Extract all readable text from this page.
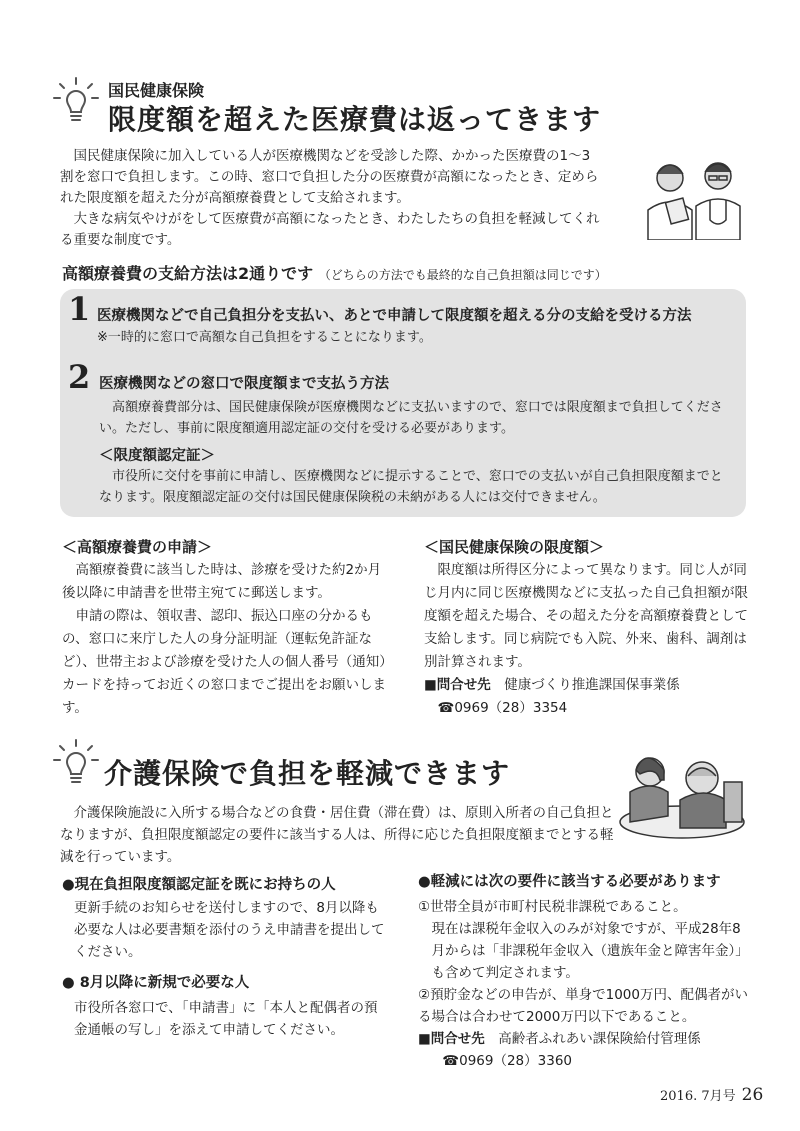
国民健康保険
限度額を超えた医療費は返ってきます

国民健康保険に加入している人が医療機関などを受診した際、かかった医療費の1～3割を窓口で負担します。この時、窓口で負担した分の医療費が高額になったとき、定められた限度額を超えた分が高額療養費として支給されます。

大きな病気やけがをして医療費が高額になったとき、わたしたちの負担を軽減してくれる重要な制度です。

高額療養費の支給方法は2通りです （どちらの方法でも最終的な自己負担額は同じです）
1 医療機関などで自己負担分を支払い、あとで申請して限度額を超える分の支給を受ける方法
※一時的に窓口で高額な自己負担をすることになります。
2 医療機関などの窓口で限度額まで支払う方法
高額療養費部分は、国民健康保険が医療機関などに支払いますので、窓口では限度額まで負担してください。ただし、事前に限度額適用認定証の交付を受ける必要があります。
＜限度額認定証＞
市役所に交付を事前に申請し、医療機関などに提示することで、窓口での支払いが自己負担限度額までとなります。限度額認定証の交付は国民健康保険税の未納がある人には交付できません。
＜高額療養費の申請＞

高額療養費に該当した時は、診療を受けた約2か月後以降に申請書を世帯主宛てに郵送します。

申請の際は、領収書、認印、振込口座の分かるもの、窓口に来庁した人の身分証明証（運転免許証など）、世帯主および診療を受けた人の個人番号（通知）カードを持ってお近くの窓口までご提出をお願いします。

＜国民健康保険の限度額＞

限度額は所得区分によって異なります。同じ人が同じ月内に同じ医療機関などに支払った自己負担額が限度額を超えた場合、その超えた分を高額療養費として支給します。同じ病院でも入院、外来、歯科、調剤は別計算されます。

■問合せ先　 健康づくり推進課国保事業係

☎0969（28）3354

介護保険で負担を軽減できます

介護保険施設に入所する場合などの食費・居住費（滞在費）は、原則入所者の自己負担となりますが、負担限度額認定の要件に該当する人は、所得に応じた負担限度額までとする軽減を行っています。

●現在負担限度額認定証を既にお持ちの人

更新手続のお知らせを送付しますので、8月以降も必要な人は必要書類を添付のうえ申請書を提出してください。

● 8月以降に新規で必要な人

市役所各窓口で、「申請書」に「本人と配偶者の預金通帳の写し」を添えて申請してください。

●軽減には次の要件に該当する必要があります

①世帯全員が市町村民税非課税であること。

現在は課税年金収入のみが対象ですが、平成28年8月からは「非課税年金収入（遺族年金と障害年金）」も含めて判定されます。

②預貯金などの申告が、単身で1000万円、配偶者がいる場合は合わせて2000万円以下であること。

■問合せ先　 高齢者ふれあい課保険給付管理係

☎0969（28）3360

2016. 7月号 26
